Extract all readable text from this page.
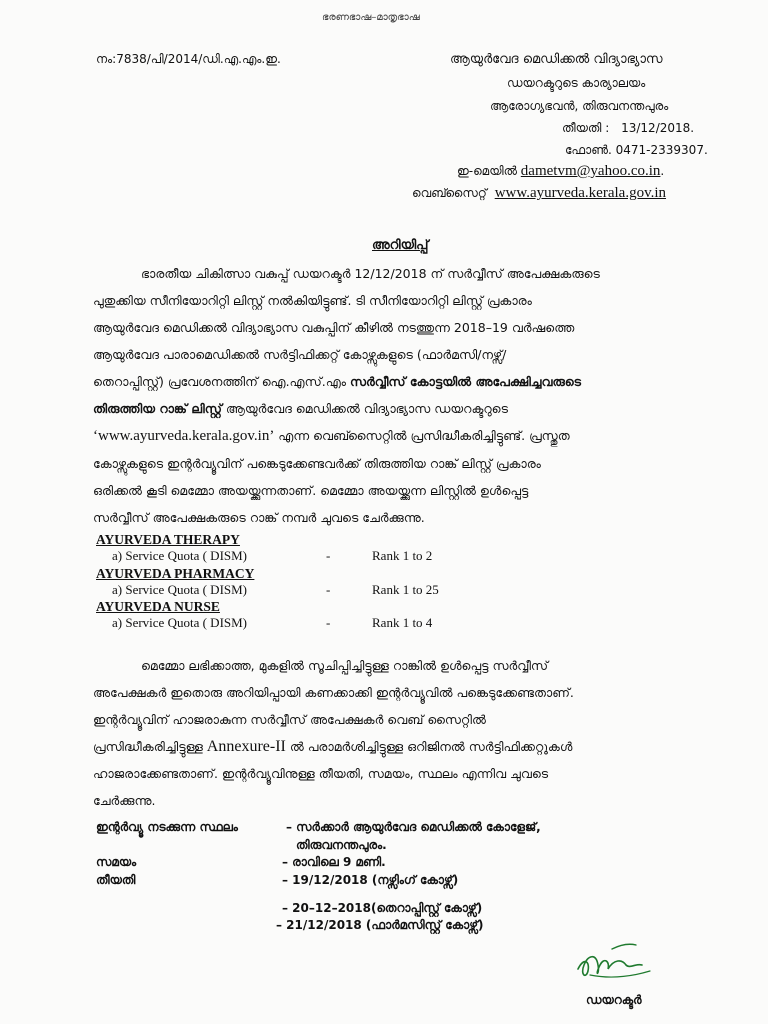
ഭരണഭാഷ–മാതൃഭാഷ
നം:7838/പി/2014/ഡി.എ.എം.ഇ.	ആയുർവേദ മെഡിക്കൽ വിദ്യാഭ്യാസ
ഡയറക്ടറുടെ കാര്യാലയം
ആരോഗ്യഭവൻ, തിരുവനന്തപുരം
തീയതി : 13/12/2018.
ഫോൺ. 0471-2339307.
ഇ-മെയിൽ dametvm@yahoo.co.in.
വെബ്സൈറ്റ് www.ayurveda.kerala.gov.in
അറിയിപ്പ്

ഭാരതീയ ചികിത്സാ വകുപ്പ് ഡയറക്ടർ 12/12/2018 ന് സർവ്വീസ് അപേക്ഷകരുടെ

പുതുക്കിയ സീനിയോറിറ്റി ലിസ്റ്റ് നൽകിയിട്ടുണ്ട്. ടി സീനിയോറിറ്റി ലിസ്റ്റ് പ്രകാരം

ആയുർവേദ മെഡിക്കൽ വിദ്യാഭ്യാസ വകുപ്പിന് കീഴിൽ നടത്തുന്ന 2018–19 വർഷത്തെ

ആയുർവേദ പാരാമെഡിക്കൽ സർട്ടിഫിക്കറ്റ് കോഴ്സുകളുടെ (ഫാർമസി/നഴ്സ്/

തെറാപ്പിസ്റ്റ്) പ്രവേശനത്തിന് ഐ.എസ്.എം സർവ്വീസ് കോട്ടയിൽ അപേക്ഷിച്ചവരുടെ

തിരുത്തിയ റാങ്ക് ലിസ്റ്റ് ആയുർവേദ മെഡിക്കൽ വിദ്യാഭ്യാസ ഡയറക്ടറുടെ

‘www.ayurveda.kerala.gov.in’ എന്ന വെബ്സൈറ്റിൽ പ്രസിദ്ധീകരിച്ചിട്ടുണ്ട്. പ്രസ്തുത

കോഴ്സുകളുടെ ഇന്റർവ്യൂവിന് പങ്കെടുക്കേണ്ടവർക്ക് തിരുത്തിയ റാങ്ക് ലിസ്റ്റ് പ്രകാരം

ഒരിക്കൽ കൂടി മെമ്മോ അയയ്ക്കുന്നതാണ്. മെമ്മോ അയയ്ക്കുന്ന ലിസ്റ്റിൽ ഉൾപ്പെട്ട

സർവ്വീസ് അപേക്ഷകരുടെ റാങ്ക് നമ്പർ ചുവടെ ചേർക്കുന്നു.

AYURVEDA THERAPY
a) Service Quota ( DISM)	-	Rank 1 to 2
AYURVEDA PHARMACY
a) Service Quota ( DISM)	-	Rank 1 to 25
AYURVEDA NURSE
a) Service Quota ( DISM)	-	Rank 1 to 4

മെമ്മോ ലഭിക്കാത്ത, മുകളിൽ സൂചിപ്പിച്ചിട്ടുള്ള റാങ്കിൽ ഉൾപ്പെട്ട സർവ്വീസ്

അപേക്ഷകർ ഇതൊരു അറിയിപ്പായി കണക്കാക്കി ഇന്റർവ്യൂവിൽ പങ്കെടുക്കേണ്ടതാണ്.

ഇന്റർവ്യൂവിന് ഹാജരാകുന്ന സർവ്വീസ് അപേക്ഷകർ വെബ് സൈറ്റിൽ

പ്രസിദ്ധീകരിച്ചിട്ടുള്ള Annexure-II ൽ പരാമർശിച്ചിട്ടുള്ള ഒറിജിനൽ സർട്ടിഫിക്കറ്റുകൾ

ഹാജരാക്കേണ്ടതാണ്. ഇന്റർവ്യൂവിനുള്ള തീയതി, സമയം, സ്ഥലം എന്നിവ ചുവടെ

ചേർക്കുന്നു.

ഇന്റർവ്യൂ നടക്കുന്ന സ്ഥലം	– സർക്കാർ ആയുർവേദ മെഡിക്കൽ കോളേജ്,
തിരുവനന്തപുരം.
സമയം	– രാവിലെ 9 മണി.
തീയതി	– 19/12/2018 (നഴ്സിംഗ് കോഴ്സ്)
– 20–12–2018(തെറാപ്പിസ്റ്റ് കോഴ്സ്)
– 21/12/2018 (ഫാർമസിസ്റ്റ് കോഴ്സ്)
ഡയറക്ടർ
